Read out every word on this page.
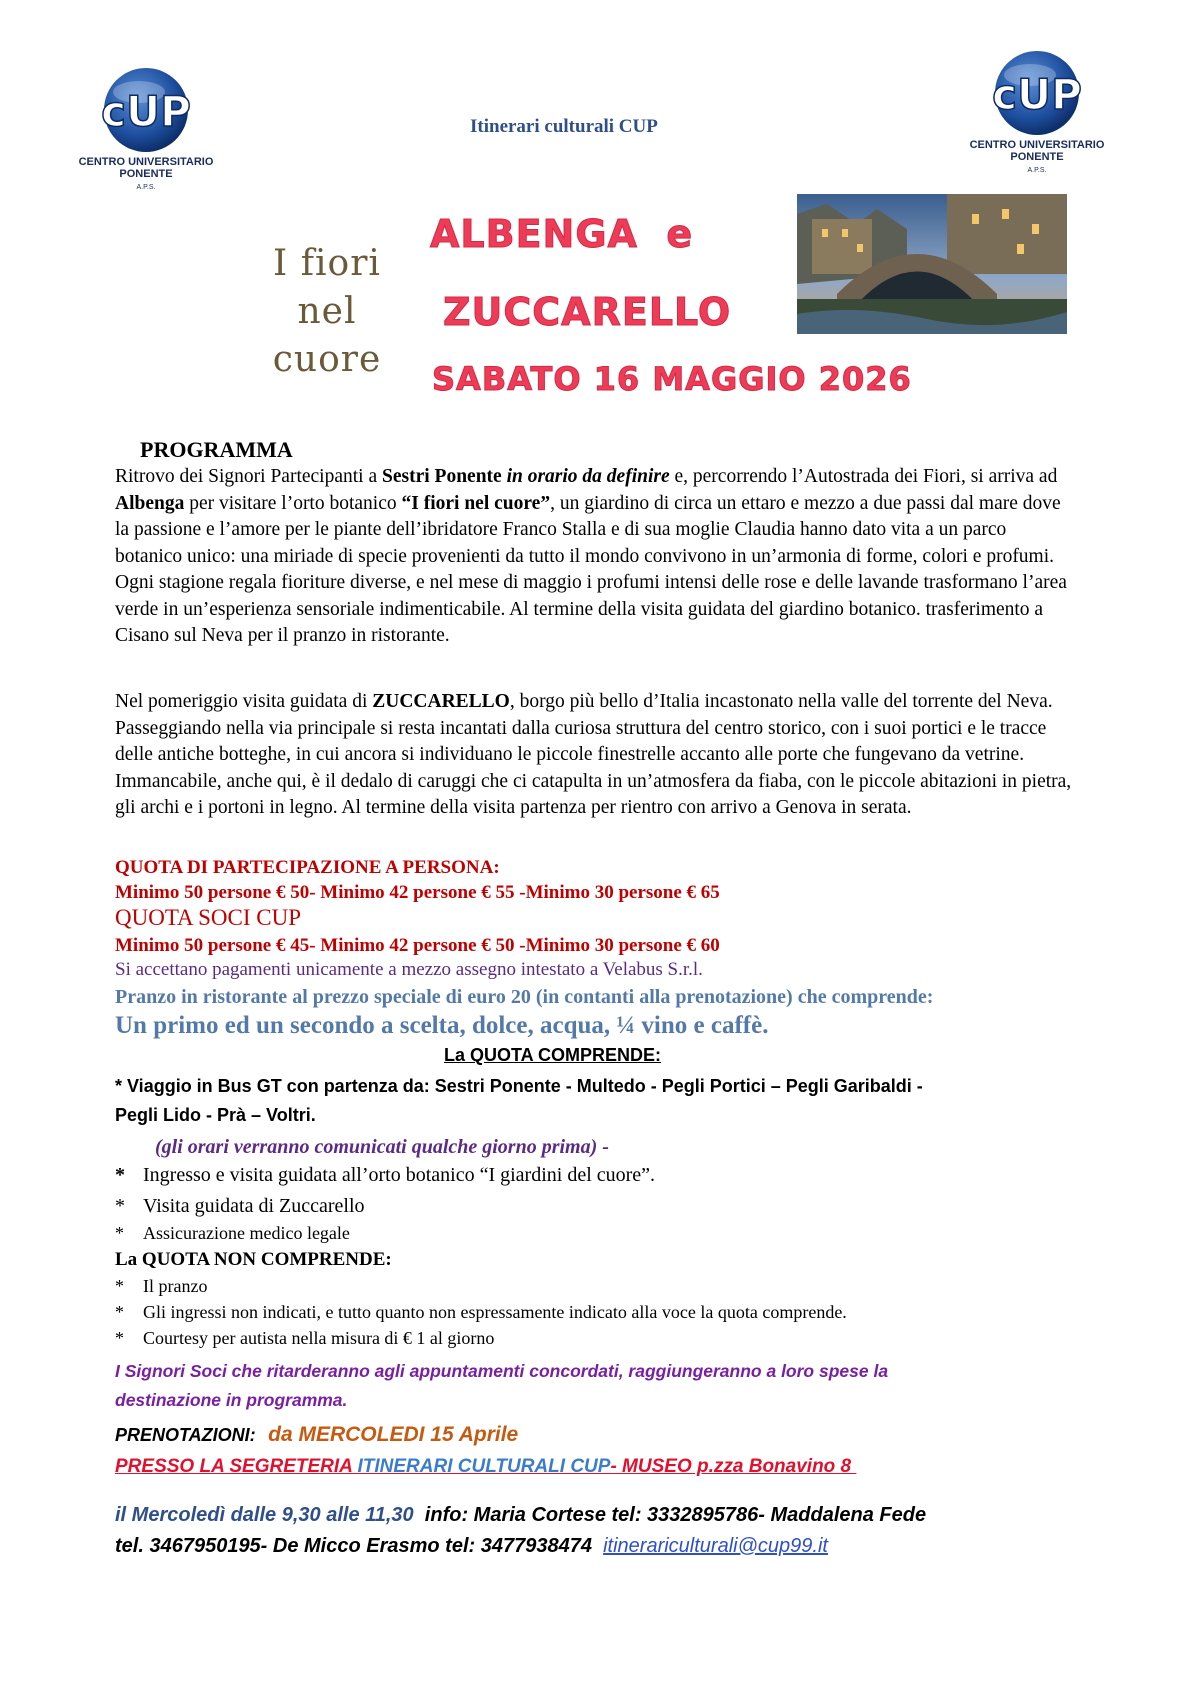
cUP
CENTRO UNIVERSITARIO
PONENTE
A.P.S.
cUP
CENTRO UNIVERSITARIO
PONENTE
A.P.S.
Itinerari culturali CUP
I fiori
nel
cuore
ALBENGA  e
ZUCCARELLO
SABATO 16 MAGGIO 2026
PROGRAMMA
Ritrovo dei Signori Partecipanti a Sestri Ponente in orario da definire e, percorrendo l’Autostrada dei Fiori, si arriva ad Albenga per visitare l’orto botanico “I fiori nel cuore”, un giardino di circa un ettaro e mezzo a due passi dal mare dove la passione e l’amore per le piante dell’ibridatore Franco Stalla e di sua moglie Claudia hanno dato vita a un parco botanico unico: una miriade di specie provenienti da tutto il mondo convivono in un’armonia di forme, colori e profumi. Ogni stagione regala fioriture diverse, e nel mese di maggio i profumi intensi delle rose e delle lavande trasformano l’area verde in un’esperienza sensoriale indimenticabile. Al termine della visita guidata del giardino botanico. trasferimento a Cisano sul Neva per il pranzo in ristorante.
Nel pomeriggio visita guidata di ZUCCARELLO, borgo più bello d’Italia incastonato nella valle del torrente del Neva. Passeggiando nella via principale si resta incantati dalla curiosa struttura del centro storico, con i suoi portici e le tracce delle antiche botteghe, in cui ancora si individuano le piccole finestrelle accanto alle porte che fungevano da vetrine. Immancabile, anche qui, è il dedalo di caruggi che ci catapulta in un’atmosfera da fiaba, con le piccole abitazioni in pietra, gli archi e i portoni in legno. Al termine della visita partenza per rientro con arrivo a Genova in serata.
QUOTA DI PARTECIPAZIONE A PERSONA:
Minimo 50 persone € 50- Minimo 42 persone € 55 -Minimo 30 persone € 65
QUOTA SOCI CUP
Minimo 50 persone € 45- Minimo 42 persone € 50 -Minimo 30 persone € 60
Si accettano pagamenti unicamente a mezzo assegno intestato a Velabus S.r.l.
Pranzo in ristorante al prezzo speciale di euro 20 (in contanti alla prenotazione) che comprende:
Un primo ed un secondo a scelta, dolce, acqua, ¼ vino e caffè.
La QUOTA COMPRENDE:
* Viaggio in Bus GT con partenza da: Sestri Ponente - Multedo - Pegli Portici – Pegli Garibaldi -
Pegli Lido - Prà – Voltri.
(gli orari verranno comunicati qualche giorno prima) -
* Ingresso e visita guidata all’orto botanico “I giardini del cuore”.
* Visita guidata di Zuccarello
* Assicurazione medico legale
La QUOTA NON COMPRENDE:
* Il pranzo
* Gli ingressi non indicati, e tutto quanto non espressamente indicato alla voce la quota comprende.
* Courtesy per autista nella misura di € 1 al giorno
I Signori Soci che ritarderanno agli appuntamenti concordati, raggiungeranno a loro spese la
destinazione in programma.
PRENOTAZIONI: da MERCOLEDI 15 Aprile
PRESSO LA SEGRETERIA ITINERARI CULTURALI CUP- MUSEO p.zza Bonavino 8
il Mercoledì dalle 9,30 alle 11,30  info: Maria Cortese tel: 3332895786- Maddalena Fede
tel. 3467950195- De Micco Erasmo tel: 3477938474  itinerariculturali@cup99.it
